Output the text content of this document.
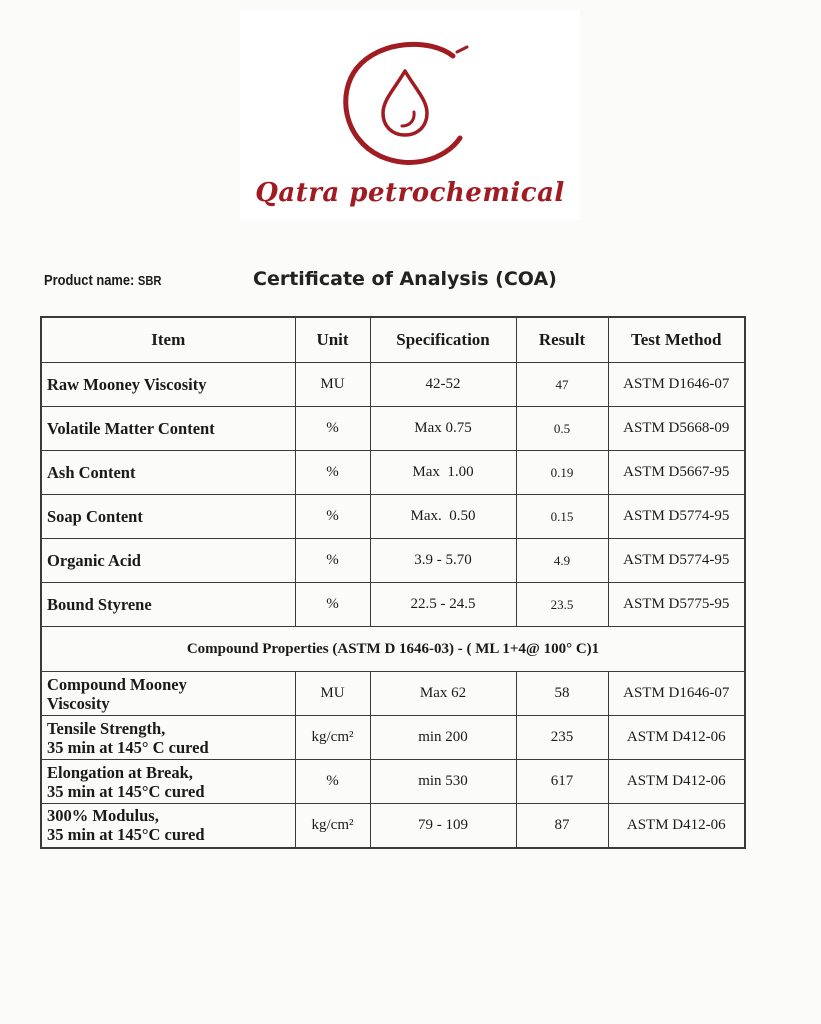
Qatra petrochemical
Product name: SBR	Certificate of Analysis (COA)
Item	Unit	Specification	Result	Test Method
Raw Mooney Viscosity	MU	42-52	47	ASTM D1646-07
Volatile Matter Content	%	Max 0.75	0.5	ASTM D5668-09
Ash Content	%	Max  1.00	0.19	ASTM D5667-95
Soap Content	%	Max.  0.50	0.15	ASTM D5774-95
Organic Acid	%	3.9 - 5.70	4.9	ASTM D5774-95
Bound Styrene	%	22.5 - 24.5	23.5	ASTM D5775-95
Compound Properties (ASTM D 1646-03) - ( ML 1+4@ 100° C)1				

Compound Mooney
Viscosity	MU	Max 62	58	ASTM D1646-07

Tensile Strength,
35 min at 145° C cured	kg/cm²	min 200	235	ASTM D412-06

Elongation at Break,
35 min at 145°C cured	%	min 530	617	ASTM D412-06

300% Modulus,
35 min at 145°C cured	kg/cm²	79 - 109	87	ASTM D412-06
